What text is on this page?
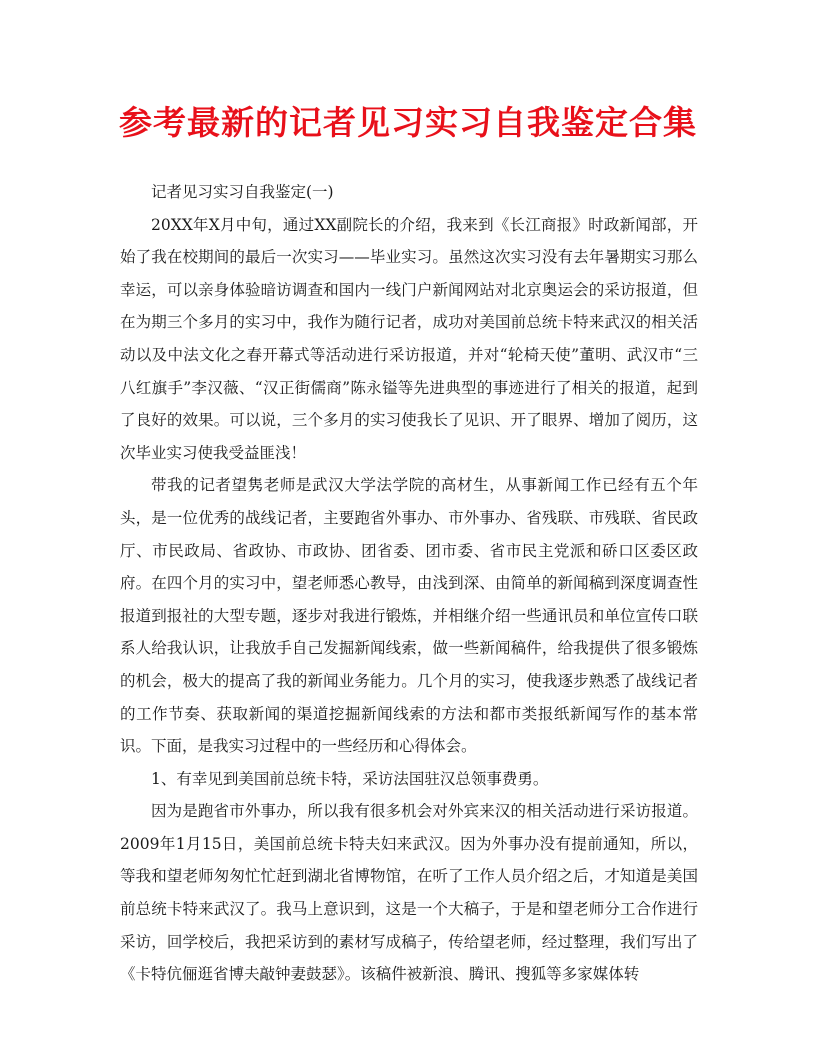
参考最新的记者见习实习自我鉴定合集

记者见习实习自我鉴定(一)

20XX年X月中旬，通过XX副院长的介绍，我来到《长江商报》时政新闻部，开始了我在校期间的最后一次实习——毕业实习。虽然这次实习没有去年暑期实习那么幸运，可以亲身体验暗访调查和国内一线门户新闻网站对北京奥运会的采访报道，但在为期三个多月的实习中，我作为随行记者，成功对美国前总统卡特来武汉的相关活动以及中法文化之春开幕式等活动进行采访报道，并对“轮椅天使”董明、武汉市“三八红旗手”李汉薇、“汉正街儒商”陈永镒等先进典型的事迹进行了相关的报道，起到了良好的效果。可以说，三个多月的实习使我长了见识、开了眼界、增加了阅历，这次毕业实习使我受益匪浅！

带我的记者望隽老师是武汉大学法学院的高材生，从事新闻工作已经有五个年头，是一位优秀的战线记者，主要跑省外事办、市外事办、省残联、市残联、省民政厅、市民政局、省政协、市政协、团省委、团市委、省市民主党派和硚口区委区政府。在四个月的实习中，望老师悉心教导，由浅到深、由简单的新闻稿到深度调查性报道到报社的大型专题，逐步对我进行锻炼，并相继介绍一些通讯员和单位宣传口联系人给我认识，让我放手自己发掘新闻线索，做一些新闻稿件，给我提供了很多锻炼的机会，极大的提高了我的新闻业务能力。几个月的实习，使我逐步熟悉了战线记者的工作节奏、获取新闻的渠道挖掘新闻线索的方法和都市类报纸新闻写作的基本常识。下面，是我实习过程中的一些经历和心得体会。

1、有幸见到美国前总统卡特，采访法国驻汉总领事费勇。

因为是跑省市外事办，所以我有很多机会对外宾来汉的相关活动进行采访报道。2009年1月15日，美国前总统卡特夫妇来武汉。因为外事办没有提前通知，所以，等我和望老师匆匆忙忙赶到湖北省博物馆，在听了工作人员介绍之后，才知道是美国前总统卡特来武汉了。我马上意识到，这是一个大稿子，于是和望老师分工合作进行采访，回学校后，我把采访到的素材写成稿子，传给望老师，经过整理，我们写出了《卡特伉俪逛省博夫敲钟妻鼓瑟》。该稿件被新浪、腾讯、搜狐等多家媒体转
